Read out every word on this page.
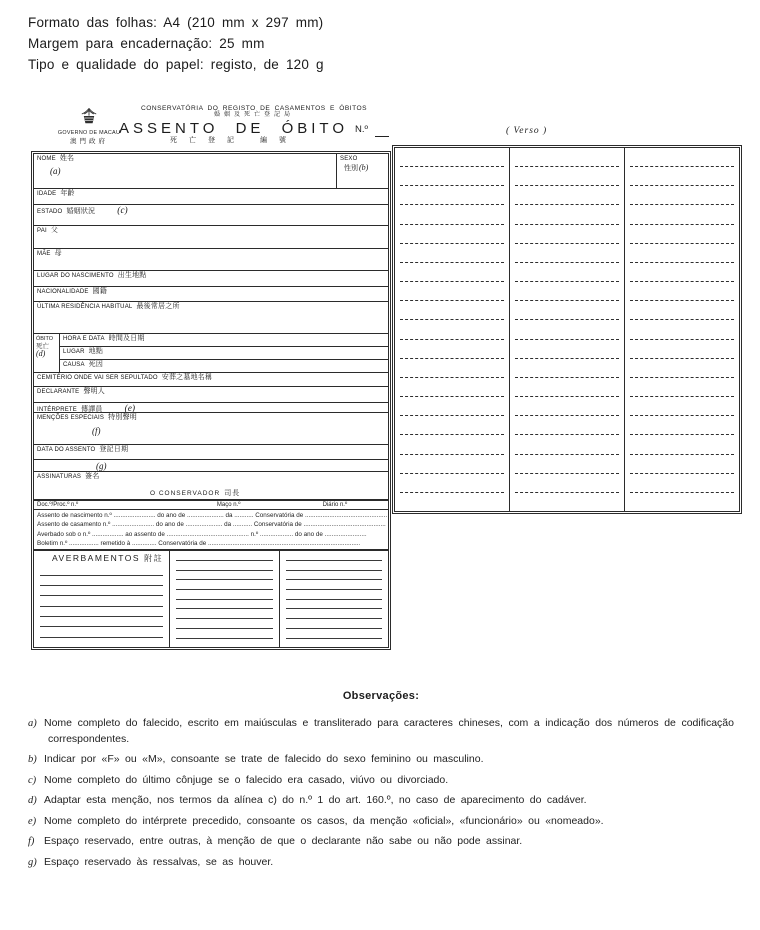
Formato das folhas: A4 (210 mm x 297 mm)
Margem para encadernação: 25 mm
Tipo e qualidade do papel: registo, de 120 g
GOVERNO DE MACAU
澳門政府
CONSERVATÓRIA DO REGISTO DE CASAMENTOS E ÓBITOS
婚姻及死亡登記局
ASSENTO DE ÓBITO N.º
死亡登記 編號
NOME 姓名
(a)
SEXO
性別(b)
IDADE 年齡
ESTADO 婚姻狀況 (c)
PAI 父
MÃE 母
LUGAR DO NASCIMENTO 出生地點
NACIONALIDADE 國籍
ÚLTIMA RESIDÊNCIA HABITUAL 最後常居之所
ÓBITO
死亡
(d)
HORA E DATA 時間及日期
LUGAR 地點
CAUSA 死因
CEMITÉRIO ONDE VAI SER SEPULTADO 安葬之墓地名稱
DECLARANTE 聲明人
INTÉRPRETE 傳譯員 (e)
MENÇÕES ESPECIAIS 特別聲明
(f)
DATA DO ASSENTO 登記日期
(g)
ASSINATURAS 簽名
O CONSERVADOR 司長
Doc.º/Proc.º n.º	Maço n.º	Diário n.º
Assento de nascimento n.º ........................ do ano de ..................... da ........... Conservatória de ...............................................
Assento de casamento n.º ........................ do ano de ..................... da ........... Conservatória de ...............................................
Averbado sob o n.º .................. ao assento de ............................................... n.º ................... do ano de ........................
Boletim n.º ................. remetido à .............. Conservatória de .......................................................................................
AVERBAMENTOS 附註
( Verso )
Observações:
a) Nome completo do falecido, escrito em maiúsculas e transliterado para caracteres chineses, com a indicação dos números de codificação correspondentes.
b) Indicar por «F» ou «M», consoante se trate de falecido do sexo feminino ou masculino.
c) Nome completo do último cônjuge se o falecido era casado, viúvo ou divorciado.
d) Adaptar esta menção, nos termos da alínea c) do n.º 1 do art. 160.º, no caso de aparecimento do cadáver.
e) Nome completo do intérprete precedido, consoante os casos, da menção «oficial», «funcionário» ou «nomeado».
f) Espaço reservado, entre outras, à menção de que o declarante não sabe ou não pode assinar.
g) Espaço reservado às ressalvas, se as houver.
